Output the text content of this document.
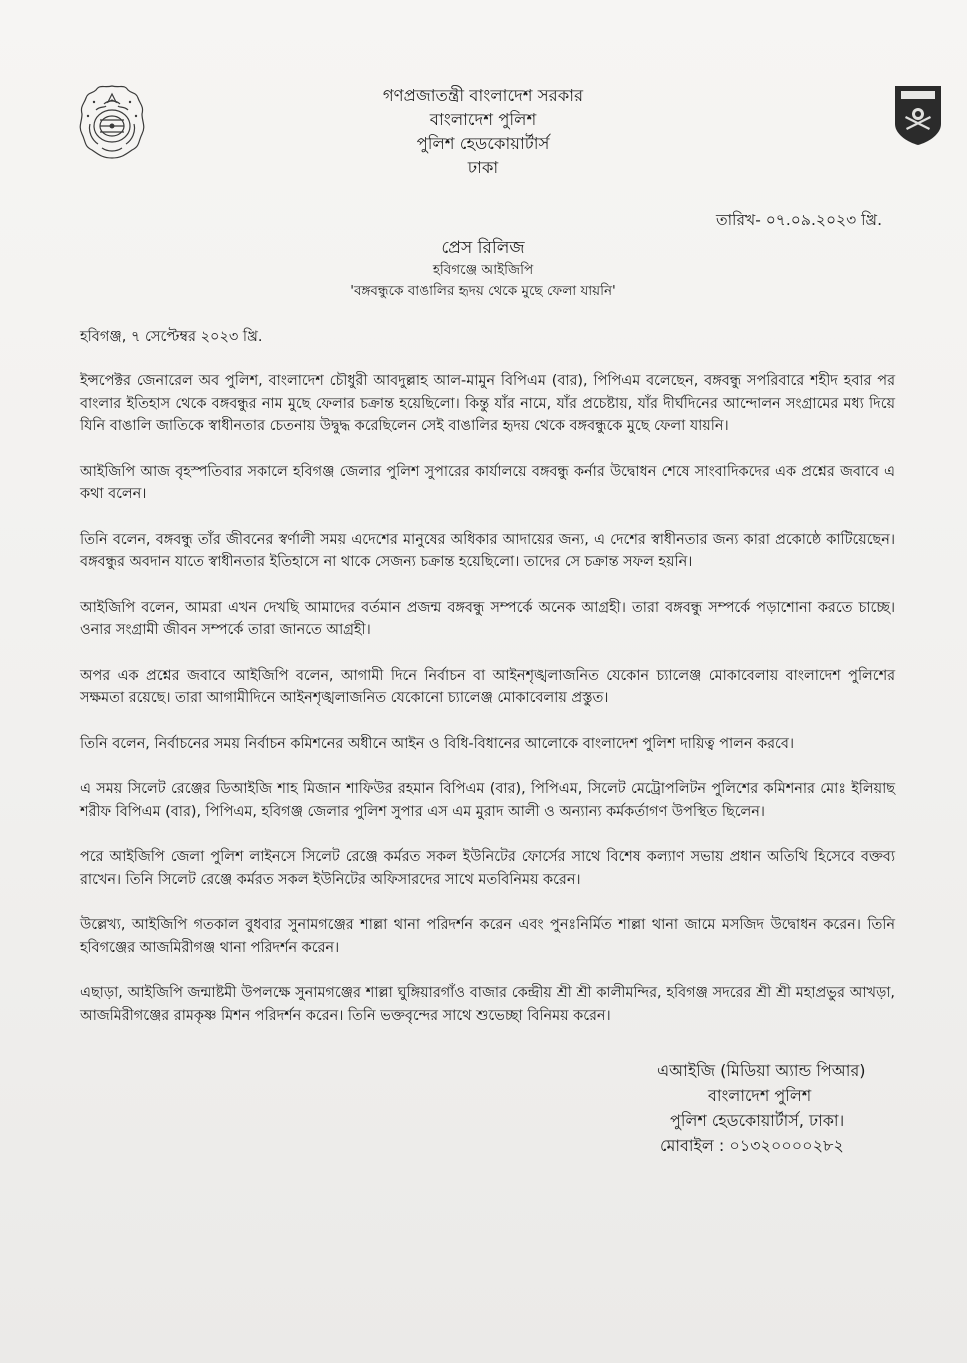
গণপ্রজাতন্ত্রী বাংলাদেশ সরকার
বাংলাদেশ পুলিশ
পুলিশ হেডকোয়ার্টার্স
ঢাকা
তারিখ- ০৭.০৯.২০২৩ খ্রি.
প্রেস রিলিজ
হবিগঞ্জে আইজিপি
'বঙ্গবন্ধুকে বাঙালির হৃদয় থেকে মুছে ফেলা যায়নি'
হবিগঞ্জ, ৭ সেপ্টেম্বর ২০২৩ খ্রি.

ইন্সপেক্টর জেনারেল অব পুলিশ, বাংলাদেশ চৌধুরী আবদুল্লাহ আল-মামুন বিপিএম (বার), পিপিএম বলেছেন, বঙ্গবন্ধু সপরিবারে শহীদ হবার পর বাংলার ইতিহাস থেকে বঙ্গবন্ধুর নাম মুছে ফেলার চক্রান্ত হয়েছিলো। কিন্তু যাঁর নামে, যাঁর প্রচেষ্টায়, যাঁর দীর্ঘদিনের আন্দোলন সংগ্রামের মধ্য দিয়ে যিনি বাঙালি জাতিকে স্বাধীনতার চেতনায় উদ্বুদ্ধ করেছিলেন সেই বাঙালির হৃদয় থেকে বঙ্গবন্ধুকে মুছে ফেলা যায়নি।

আইজিপি আজ বৃহস্পতিবার সকালে হবিগঞ্জ জেলার পুলিশ সুপারের কার্যালয়ে বঙ্গবন্ধু কর্নার উদ্বোধন শেষে সাংবাদিকদের এক প্রশ্নের জবাবে এ কথা বলেন।

তিনি বলেন, বঙ্গবন্ধু তাঁর জীবনের স্বর্ণালী সময় এদেশের মানুষের অধিকার আদায়ের জন্য, এ দেশের স্বাধীনতার জন্য কারা প্রকোষ্ঠে কাটিয়েছেন। বঙ্গবন্ধুর অবদান যাতে স্বাধীনতার ইতিহাসে না থাকে সেজন্য চক্রান্ত হয়েছিলো। তাদের সে চক্রান্ত সফল হয়নি।

আইজিপি বলেন, আমরা এখন দেখছি আমাদের বর্তমান প্রজন্ম বঙ্গবন্ধু সম্পর্কে অনেক আগ্রহী। তারা বঙ্গবন্ধু সম্পর্কে পড়াশোনা করতে চাচ্ছে। ওনার সংগ্রামী জীবন সম্পর্কে তারা জানতে আগ্রহী।

অপর এক প্রশ্নের জবাবে আইজিপি বলেন, আগামী দিনে নির্বাচন বা আইনশৃঙ্খলাজনিত যেকোন চ্যালেঞ্জ মোকাবেলায় বাংলাদেশ পুলিশের সক্ষমতা রয়েছে। তারা আগামীদিনে আইনশৃঙ্খলাজনিত যেকোনো চ্যালেঞ্জ মোকাবেলায় প্রস্তুত।

তিনি বলেন, নির্বাচনের সময় নির্বাচন কমিশনের অধীনে আইন ও বিধি-বিধানের আলোকে বাংলাদেশ পুলিশ দায়িত্ব পালন করবে।

এ সময় সিলেট রেঞ্জের ডিআইজি শাহ মিজান শাফিউর রহমান বিপিএম (বার), পিপিএম, সিলেট মেট্রোপলিটন পুলিশের কমিশনার মোঃ ইলিয়াছ শরীফ বিপিএম (বার), পিপিএম, হবিগঞ্জ জেলার পুলিশ সুপার এস এম মুরাদ আলী ও অন্যান্য কর্মকর্তাগণ উপস্থিত ছিলেন।

পরে আইজিপি জেলা পুলিশ লাইনসে সিলেট রেঞ্জে কর্মরত সকল ইউনিটের ফোর্সের সাথে বিশেষ কল্যাণ সভায় প্রধান অতিথি হিসেবে বক্তব্য রাখেন। তিনি সিলেট রেঞ্জে কর্মরত সকল ইউনিটের অফিসারদের সাথে মতবিনিময় করেন।

উল্লেখ্য, আইজিপি গতকাল বুধবার সুনামগঞ্জের শাল্লা থানা পরিদর্শন করেন এবং পুনঃনির্মিত শাল্লা থানা জামে মসজিদ উদ্বোধন করেন। তিনি হবিগঞ্জের আজমিরীগঞ্জ থানা পরিদর্শন করেন।

এছাড়া, আইজিপি জন্মাষ্টমী উপলক্ষে সুনামগঞ্জের শাল্লা ঘুঙ্গিয়ারগাঁও বাজার কেন্দ্রীয় শ্রী শ্রী কালীমন্দির, হবিগঞ্জ সদরের শ্রী শ্রী মহাপ্রভুর আখড়া, আজমিরীগঞ্জের রামকৃষ্ণ মিশন পরিদর্শন করেন। তিনি ভক্তবৃন্দের সাথে শুভেচ্ছা বিনিময় করেন।

এআইজি (মিডিয়া অ্যান্ড পিআর)
বাংলাদেশ পুলিশ
পুলিশ হেডকোয়ার্টার্স, ঢাকা।
মোবাইল : ০১৩২০০০০২৮২
